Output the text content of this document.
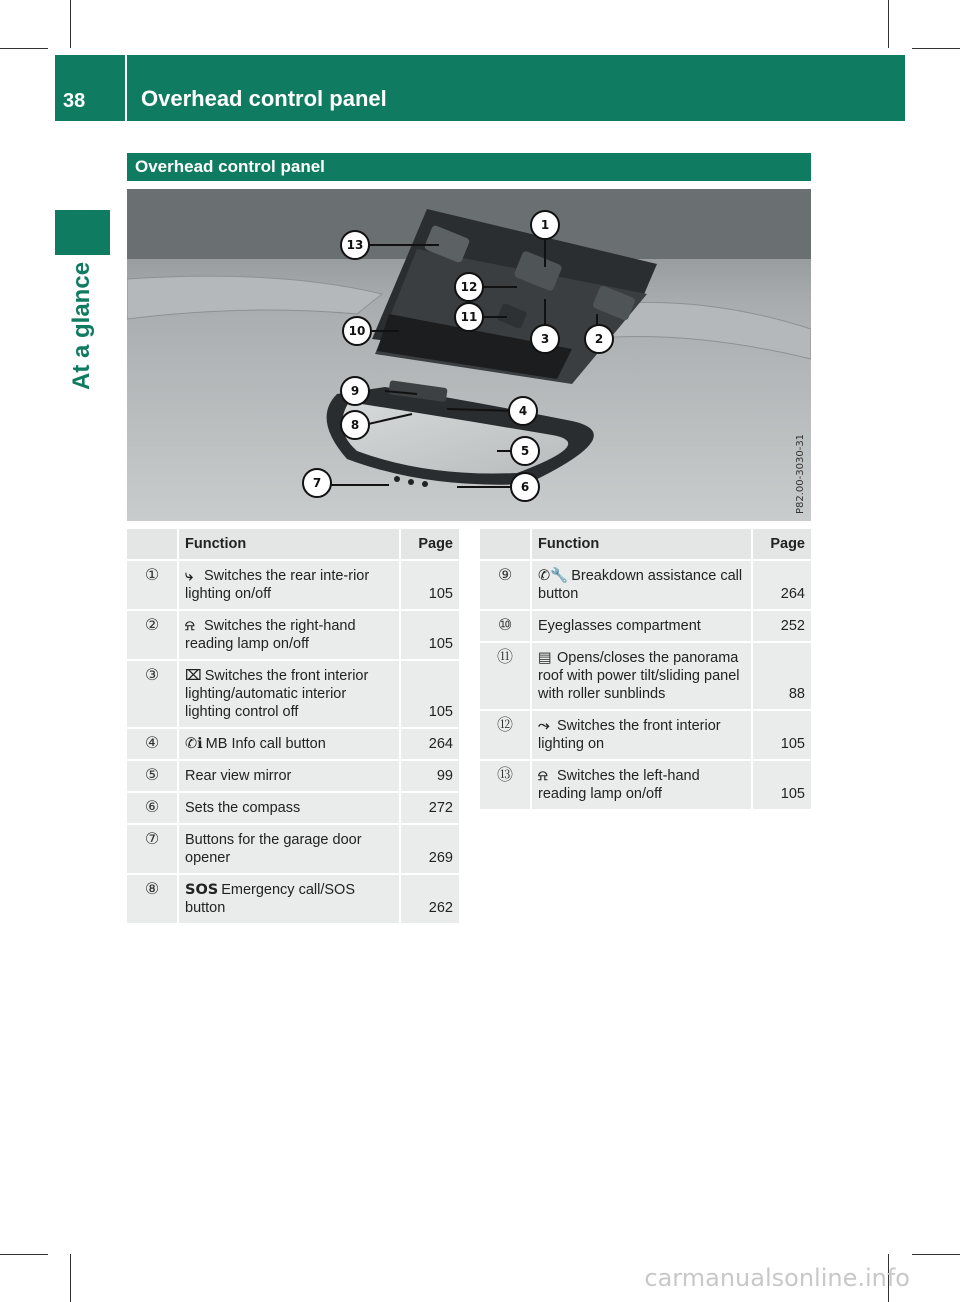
38	Overhead control panel
At a glance
Overhead control panel
1
2
3
4
5
6
7
8
9
10
11
12
13
P82.00-3030-31
	Function	Page
①	⤷ Switches the rear inte-rior lighting on/off	105
②	⍾ Switches the right-hand reading lamp on/off	105
③	⌧ Switches the front interior lighting/automatic interior lighting control off	105
④	✆ℹ MB Info call button	264
⑤	Rear view mirror	99
⑥	Sets the compass	272
⑦	Buttons for the garage door opener	269
⑧	SOS Emergency call/SOS button	262
	Function	Page
⑨	✆🔧 Breakdown assistance call button	264
⑩	Eyeglasses compartment	252
⑪	▤ Opens/closes the panorama roof with power tilt/sliding panel with roller sunblinds	88
⑫	⤳ Switches the front interior lighting on	105
⑬	⍾ Switches the left-hand reading lamp on/off	105
carmanualsonline.info
